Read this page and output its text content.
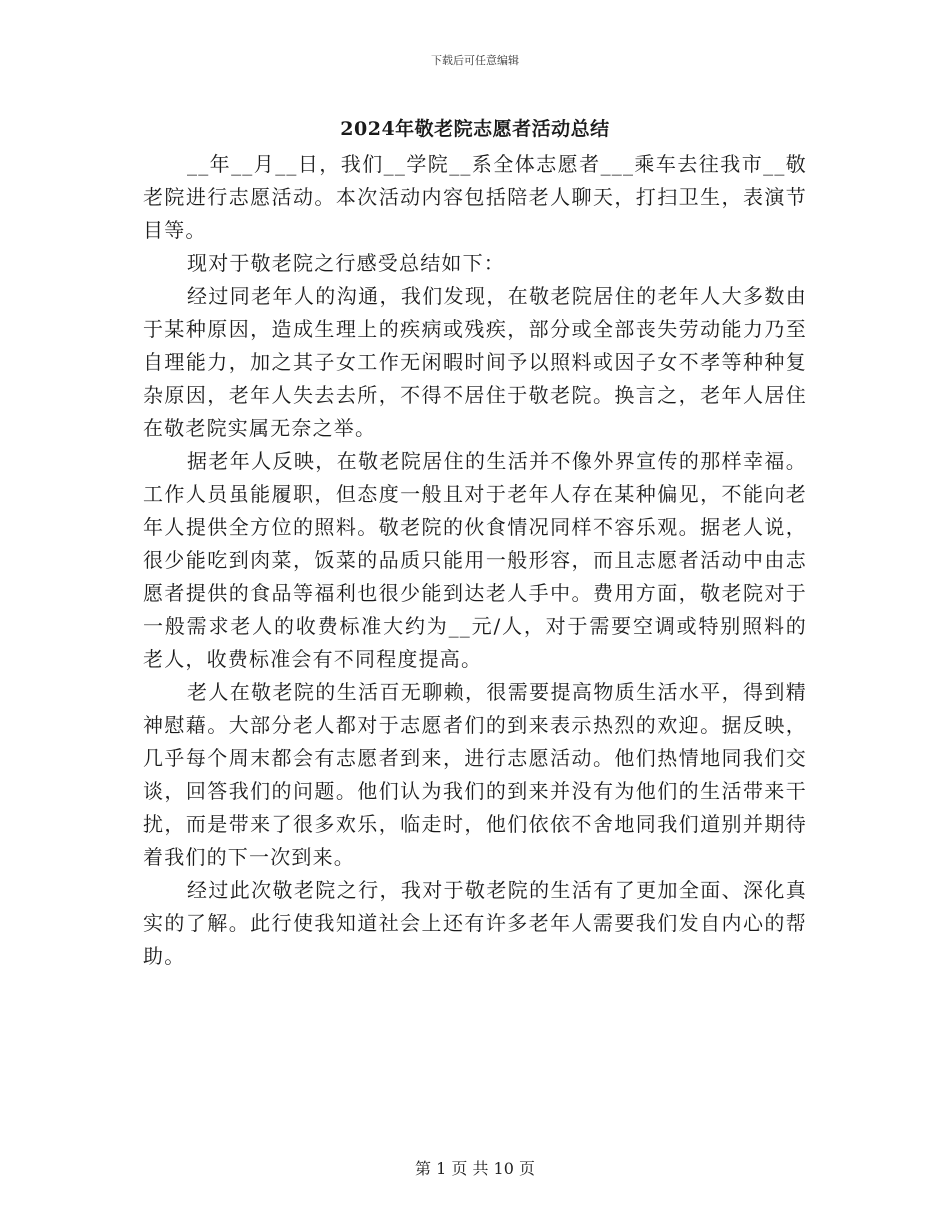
下载后可任意编辑
2024年敬老院志愿者活动总结

__年__月__日，我们__学院__系全体志愿者___乘车去往我市__敬老院进行志愿活动。本次活动内容包括陪老人聊天，打扫卫生，表演节目等。

现对于敬老院之行感受总结如下：

经过同老年人的沟通，我们发现，在敬老院居住的老年人大多数由于某种原因，造成生理上的疾病或残疾，部分或全部丧失劳动能力乃至自理能力，加之其子女工作无闲暇时间予以照料或因子女不孝等种种复杂原因，老年人失去去所，不得不居住于敬老院。换言之，老年人居住在敬老院实属无奈之举。

据老年人反映，在敬老院居住的生活并不像外界宣传的那样幸福。工作人员虽能履职，但态度一般且对于老年人存在某种偏见，不能向老年人提供全方位的照料。敬老院的伙食情况同样不容乐观。据老人说，很少能吃到肉菜，饭菜的品质只能用一般形容，而且志愿者活动中由志愿者提供的食品等福利也很少能到达老人手中。费用方面，敬老院对于一般需求老人的收费标准大约为__元/人，对于需要空调或特别照料的老人，收费标准会有不同程度提高。

老人在敬老院的生活百无聊赖，很需要提高物质生活水平，得到精神慰藉。大部分老人都对于志愿者们的到来表示热烈的欢迎。据反映，几乎每个周末都会有志愿者到来，进行志愿活动。他们热情地同我们交谈，回答我们的问题。他们认为我们的到来并没有为他们的生活带来干扰，而是带来了很多欢乐，临走时，他们依依不舍地同我们道别并期待着我们的下一次到来。

经过此次敬老院之行，我对于敬老院的生活有了更加全面、深化真实的了解。此行使我知道社会上还有许多老年人需要我们发自内心的帮助。

第 1 页 共 10 页
